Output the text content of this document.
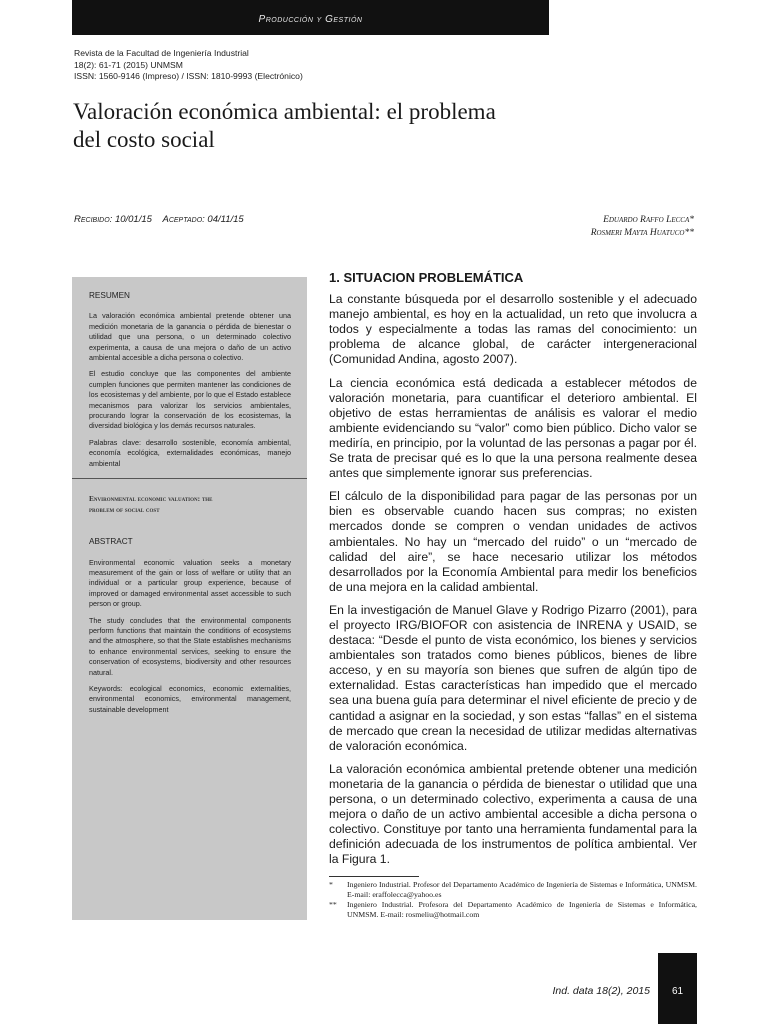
Producción y Gestión
Revista de la Facultad de Ingeniería Industrial
18(2): 61-71 (2015) UNMSM
ISSN: 1560-9146 (Impreso) / ISSN: 1810-9993 (Electrónico)
Valoración económica ambiental: el problema
del costo social
Recibido: 10/01/15 Aceptado: 04/11/15	Eduardo Raffo Lecca*
Rosmeri Mayta Huatuco**
RESUMEN

La valoración económica ambiental pretende obtener una medición monetaria de la ganancia o pérdida de bienestar o utilidad que una persona, o un determinado colectivo experimenta, a causa de una mejora o daño de un activo ambiental accesible a dicha persona o colectivo.

El estudio concluye que las componentes del ambiente cumplen funciones que permiten mantener las condiciones de los ecosistemas y del ambiente, por lo que el Estado establece mecanismos para valorizar los servicios ambientales, procurando lograr la conservación de los ecosistemas, la diversidad biológica y los demás recursos naturales.

Palabras clave: desarrollo sostenible, economía ambiental, economía ecológica, externalidades económicas, manejo ambiental

Environmental economic valuation: the
problem of social cost
ABSTRACT

Environmental economic valuation seeks a monetary measurement of the gain or loss of welfare or utility that an individual or a particular group experience, because of improved or damaged environmental asset accessible to such person or group.

The study concludes that the environmental components perform functions that maintain the conditions of ecosystems and the atmosphere, so that the State establishes mechanisms to enhance environmental services, seeking to ensure the conservation of ecosystems, biodiversity and other resources natural.

Keywords: ecological economics, economic externalities, environmental economics, environmental management, sustainable development

1. SITUACION PROBLEMÁTICA

La constante búsqueda por el desarrollo sostenible y el adecuado manejo ambiental, es hoy en la actualidad, un reto que involucra a todos y especialmente a todas las ramas del conocimiento: un problema de alcance global, de carácter intergeneracional (Comunidad Andina, agosto 2007).

La ciencia económica está dedicada a establecer métodos de valoración monetaria, para cuantificar el deterioro ambiental. El objetivo de estas herramientas de análisis es valorar el medio ambiente evidenciando su “valor” como bien público. Dicho valor se mediría, en principio, por la voluntad de las personas a pagar por él. Se trata de precisar qué es lo que la una persona realmente desea antes que simplemente ignorar sus preferencias.

El cálculo de la disponibilidad para pagar de las personas por un bien es observable cuando hacen sus compras; no existen mercados donde se compren o vendan unidades de activos ambientales. No hay un “mercado del ruido” o un “mercado de calidad del aire”, se hace necesario utilizar los métodos desarrollados por la Economía Ambiental para medir los beneficios de una mejora en la calidad ambiental.

En la investigación de Manuel Glave y Rodrigo Pizarro (2001), para el proyecto IRG/BIOFOR con asistencia de INRENA y USAID, se destaca: “Desde el punto de vista económico, los bienes y servicios ambientales son tratados como bienes públicos, bienes de libre acceso, y en su mayoría son bienes que sufren de algún tipo de externalidad. Estas características han impedido que el mercado sea una buena guía para determinar el nivel eficiente de precio y de cantidad a asignar en la sociedad, y son estas “fallas” en el sistema de mercado que crean la necesidad de utilizar medidas alternativas de valoración económica.

La valoración económica ambiental pretende obtener una medición monetaria de la ganancia o pérdida de bienestar o utilidad que una persona, o un determinado colectivo, experimenta a causa de una mejora o daño de un activo ambiental accesible a dicha persona o colectivo. Constituye por tanto una herramienta fundamental para la definición adecuada de los instrumentos de política ambiental. Ver la Figura 1.

*	Ingeniero Industrial. Profesor del Departamento Académico de Ingeniería de Sistemas e Informática, UNMSM. E-mail: eraffolecca@yahoo.es
**	Ingeniero Industrial. Profesora del Departamento Académico de Ingeniería de Sistemas e Informática, UNMSM. E-mail: rosmeliu@hotmail.com
Ind. data 18(2), 2015	61
